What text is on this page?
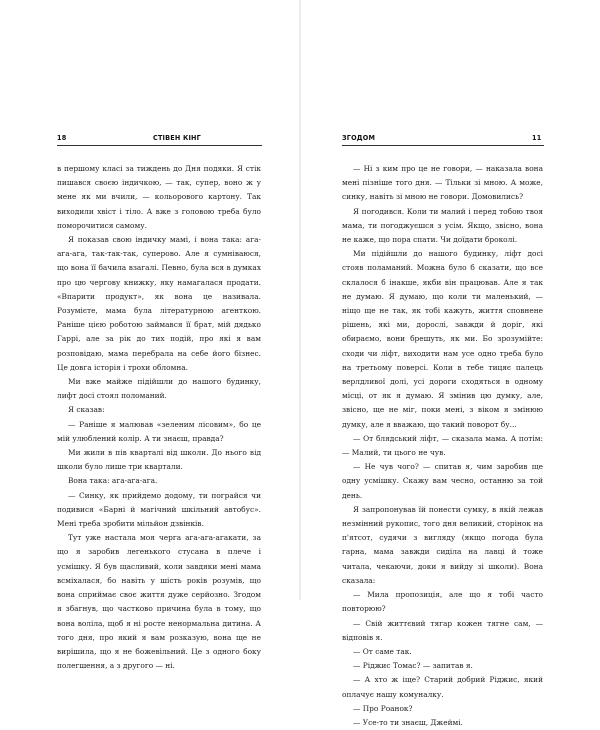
18	СТІВЕН КІНГ

в першому класі за тиждень до Дня подяки. Я стік пишався своєю індичкою, — так, супер, воно ж у мене як ми вчили, — кольорового картону. Так виходили хвіст і тіло. А вже з головою треба було поморочитися самому.

Я показав свою індичку мамі, і вона така: ага-ага-ага, так-так-так, суперово. Але я сумніваюся, що вона її бачила взагалі. Певно, була вся в думках про цю чергову книжку, яку намагалася продати. «Впарити продукт», як вона це називала. Розумієте, мама була літературною агенткою. Раніше цією роботою займався її брат, мій дядько Гаррі, але за рік до тих подій, про які я вам розповідаю, мама перебрала на себе його бізнес. Це довга історія і трохи обломна.

Ми вже майже підійшли до нашого будинку, лифт досі стоял поломаний.

Я сказав:

— Раніше я малював «зеленим лісовим», бо це мій улюблений колір. А ти знаєш, правда?

Ми жили в пів кварталі від школи. До нього від школи було лише три квартали.

Вона така: ага-ага-ага.

— Синку, як прийдемо додому, ти пограйся чи подивися «Барні й магічний шкільний автобус». Мені треба зробити мільйон дзвінків.

Тут уже настала моя черга ага-ага-агакати, за що я заробив легенького стусана в плече і усмішку. Я був щасливий, коли завдяки мені мама всміхалася, бо навіть у шість років розумів, що вона сприймає своє життя дуже серйозно. Згодом я збагнув, що частково причина була в тому, що вона воліла, щоб я ні росте ненормальна дитина. А того дня, про який я вам розказую, вона ще не вирішила, що я не божевільний. Це з одного боку полегшення, а з другого — ні.

ЗГОДОМ	11

— Ні з ким про це не говори, — наказала вона мені пізніше того дня. — Тільки зі мною. А може, синку, навіть зі мною не говори. Домовились?

Я погодився. Коли ти малий і перед тобою твоя мама, ти погоджуєшся з усім. Якщо, звісно, вона не каже, що пора спати. Чи доїдати броколі.

Ми підійшли до нашого будинку, ліфт досі стояв поламаний. Можна було б сказати, що все склалося б інакше, якби він працював. Але я так не думаю. Я думаю, що коли ти маленький, — ніщо ще не так, як тобі кажуть, життя сповнене рішень, які ми, дорослі, завжди й доріг, які обираємо, вони брешуть, як ми. Бо зрозумійте: сходи чи ліфт, виходити нам усе одно треба було на третьому поверсі. Коли в тебе тицяє палець верлдливої долі, усі дороги сходяться в одному місці, от як я думаю. Я змінив цю думку, але, звісно, ще не міг, поки мені, з віком я змінюю думку, але я вважаю, що такий поворот бу...

— От блядський ліфт, — сказала мама. А потім: — Малий, ти цього не чув.

— Не чув чого? — спитав я, чим заробив ще одну усмішку. Скажу вам чесно, останню за той день.

Я запропонував їй понести сумку, в якій лежав незмінний рукопис, того дня великий, сторінок на п'ятсот, судячи з вигляду (якщо погода була гарна, мама завжди сиділа на лавці й тоже читала, чекаючи, доки я вийду зі школи). Вона сказала:

— Мила пропозиція, але що я тобі часто повторюю?

— Свій життєвий тягар кожен тягне сам, — відповів я.

— От саме так.

— Ріджис Томас? — запитав я.

— А хто ж іще? Старий добрий Ріджис, який оплачує нашу комуналку.

— Про Роанок?

— Усе-то ти знаєш, Джеймі.
